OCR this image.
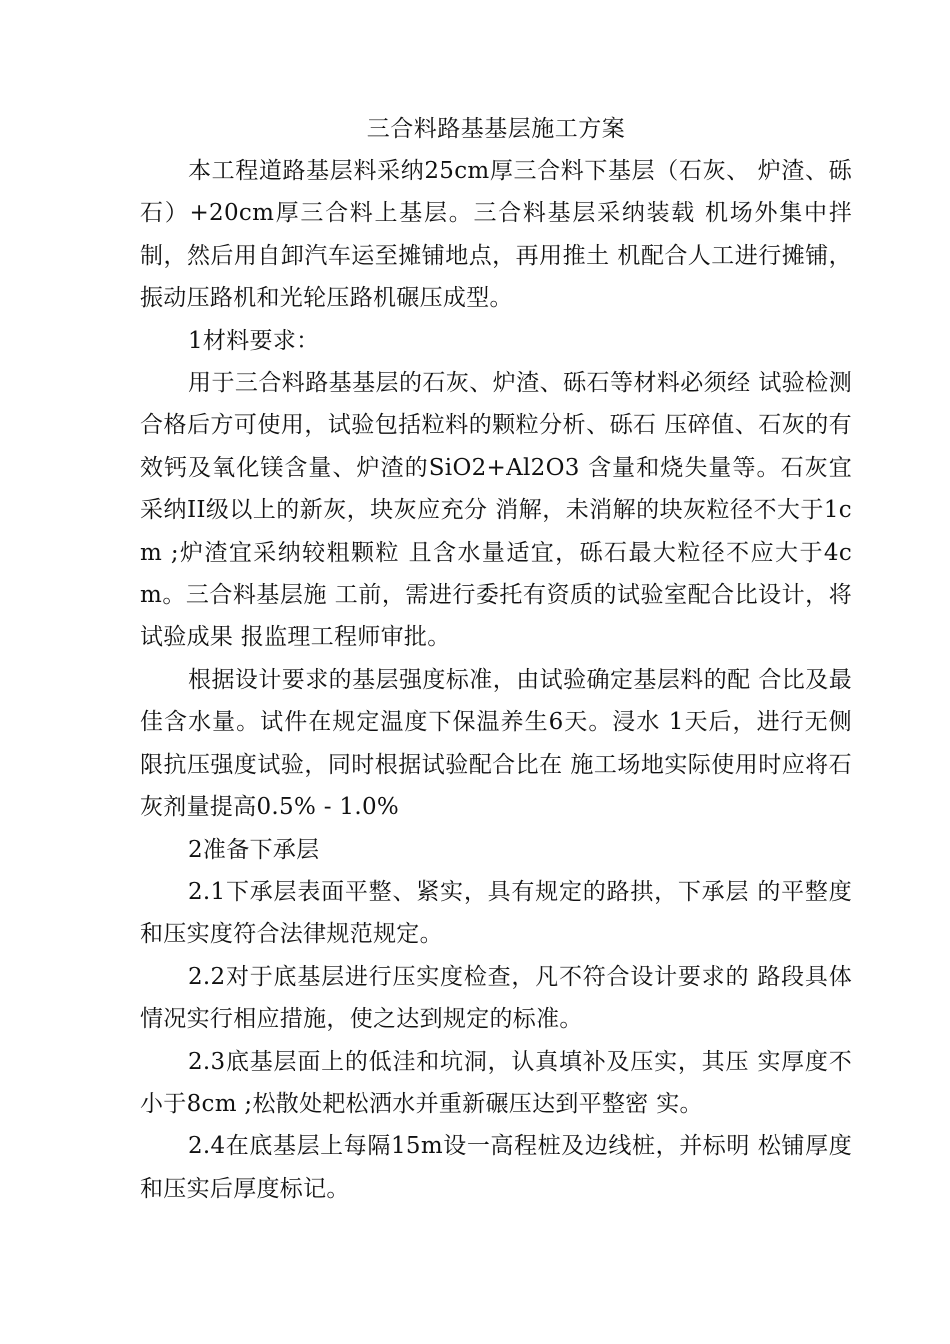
三合料路基基层施工方案

本工程道路基层料采纳25cm厚三合料下基层（石灰、 炉渣、砾石）+20cm厚三合料上基层。三合料基层采纳装载 机场外集中拌制，然后用自卸汽车运至摊铺地点，再用推土 机配合人工进行摊铺，振动压路机和光轮压路机碾压成型。

1材料要求：

用于三合料路基基层的石灰、炉渣、砾石等材料必须经 试验检测合格后方可使用，试验包括粒料的颗粒分析、砾石 压碎值、石灰的有效钙及氧化镁含量、炉渣的SiO2+Al2O3 含量和烧失量等。石灰宜采纳II级以上的新灰，块灰应充分 消解，未消解的块灰粒径不大于1cm ;炉渣宜采纳较粗颗粒 且含水量适宜，砾石最大粒径不应大于4cm。三合料基层施 工前，需进行委托有资质的试验室配合比设计，将试验成果 报监理工程师审批。

根据设计要求的基层强度标准，由试验确定基层料的配 合比及最佳含水量。试件在规定温度下保温养生6天。浸水 1天后，进行无侧限抗压强度试验，同时根据试验配合比在 施工场地实际使用时应将石灰剂量提高0.5% - 1.0%

2准备下承层

2.1下承层表面平整、紧实，具有规定的路拱，下承层 的平整度和压实度符合法律规范规定。

2.2对于底基层进行压实度检查，凡不符合设计要求的 路段具体情况实行相应措施，使之达到规定的标准。

2.3底基层面上的低洼和坑洞，认真填补及压实，其压 实厚度不小于8cm ;松散处耙松洒水并重新碾压达到平整密 实。

2.4在底基层上每隔15m设一高程桩及边线桩，并标明 松铺厚度和压实后厚度标记。
